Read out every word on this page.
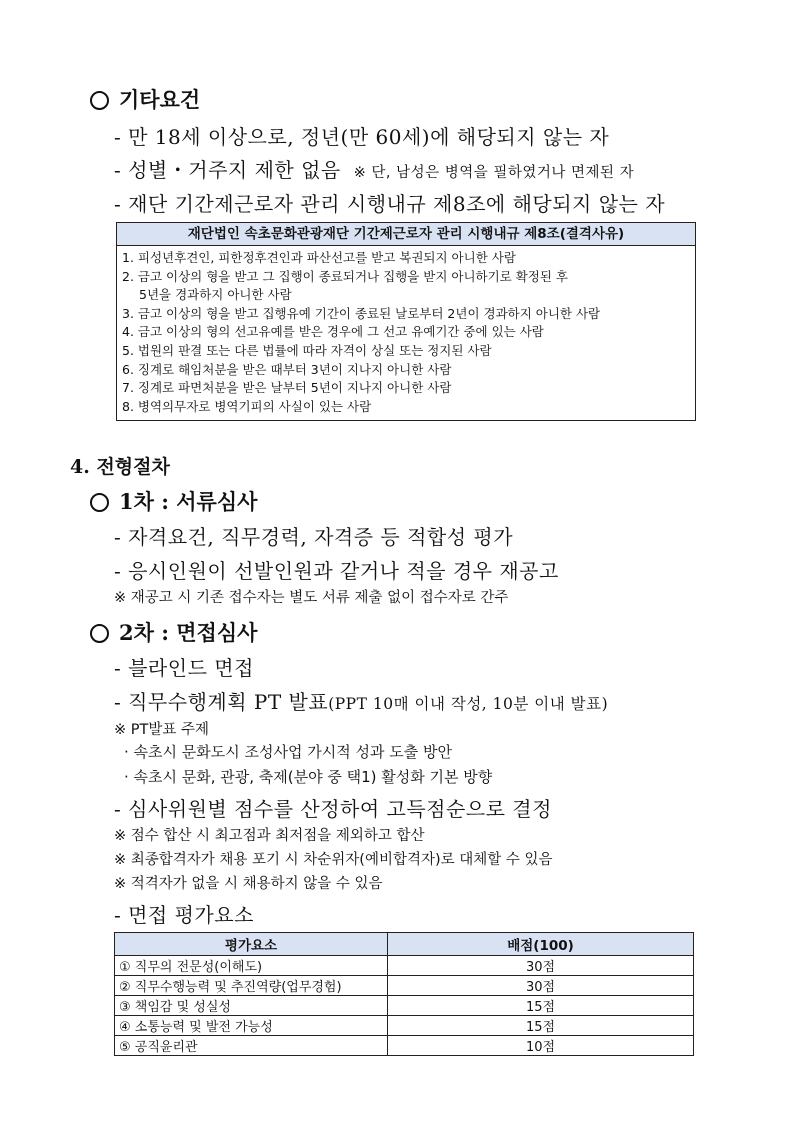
기타요건
- 만 18세 이상으로, 정년(만 60세)에 해당되지 않는 자
- 성별・거주지 제한 없음 ※ 단, 남성은 병역을 필하였거나 면제된 자
- 재단 기간제근로자 관리 시행내규 제8조에 해당되지 않는 자
재단법인 속초문화관광재단 기간제근로자 관리 시행내규 제8조(결격사유)
1. 피성년후견인, 피한정후견인과 파산선고를 받고 복권되지 아니한 사람
2. 금고 이상의 형을 받고 그 집행이 종료되거나 집행을 받지 아니하기로 확정된 후
5년을 경과하지 아니한 사람
3. 금고 이상의 형을 받고 집행유예 기간이 종료된 날로부터 2년이 경과하지 아니한 사람
4. 금고 이상의 형의 선고유예를 받은 경우에 그 선고 유예기간 중에 있는 사람
5. 법원의 판결 또는 다른 법률에 따라 자격이 상실 또는 정지된 사람
6. 징계로 해임처분을 받은 때부터 3년이 지나지 아니한 사람
7. 징계로 파면처분을 받은 날부터 5년이 지나지 아니한 사람
8. 병역의무자로 병역기피의 사실이 있는 사람
4. 전형절차
1차 : 서류심사
- 자격요건, 직무경력, 자격증 등 적합성 평가
- 응시인원이 선발인원과 같거나 적을 경우 재공고
※ 재공고 시 기존 접수자는 별도 서류 제출 없이 접수자로 간주
2차 : 면접심사
- 블라인드 면접
- 직무수행계획 PT 발표(PPT 10매 이내 작성, 10분 이내 발표)
※ PT발표 주제
· 속초시 문화도시 조성사업 가시적 성과 도출 방안
· 속초시 문화, 관광, 축제(분야 중 택1) 활성화 기본 방향
- 심사위원별 점수를 산정하여 고득점순으로 결정
※ 점수 합산 시 최고점과 최저점을 제외하고 합산
※ 최종합격자가 채용 포기 시 차순위자(예비합격자)로 대체할 수 있음
※ 적격자가 없을 시 채용하지 않을 수 있음
- 면접 평가요소
평가요소	배점(100)
① 직무의 전문성(이해도)	30점
② 직무수행능력 및 추진역량(업무경험)	30점
③ 책임감 및 성실성	15점
④ 소통능력 및 발전 가능성	15점
⑤ 공직윤리관	10점
